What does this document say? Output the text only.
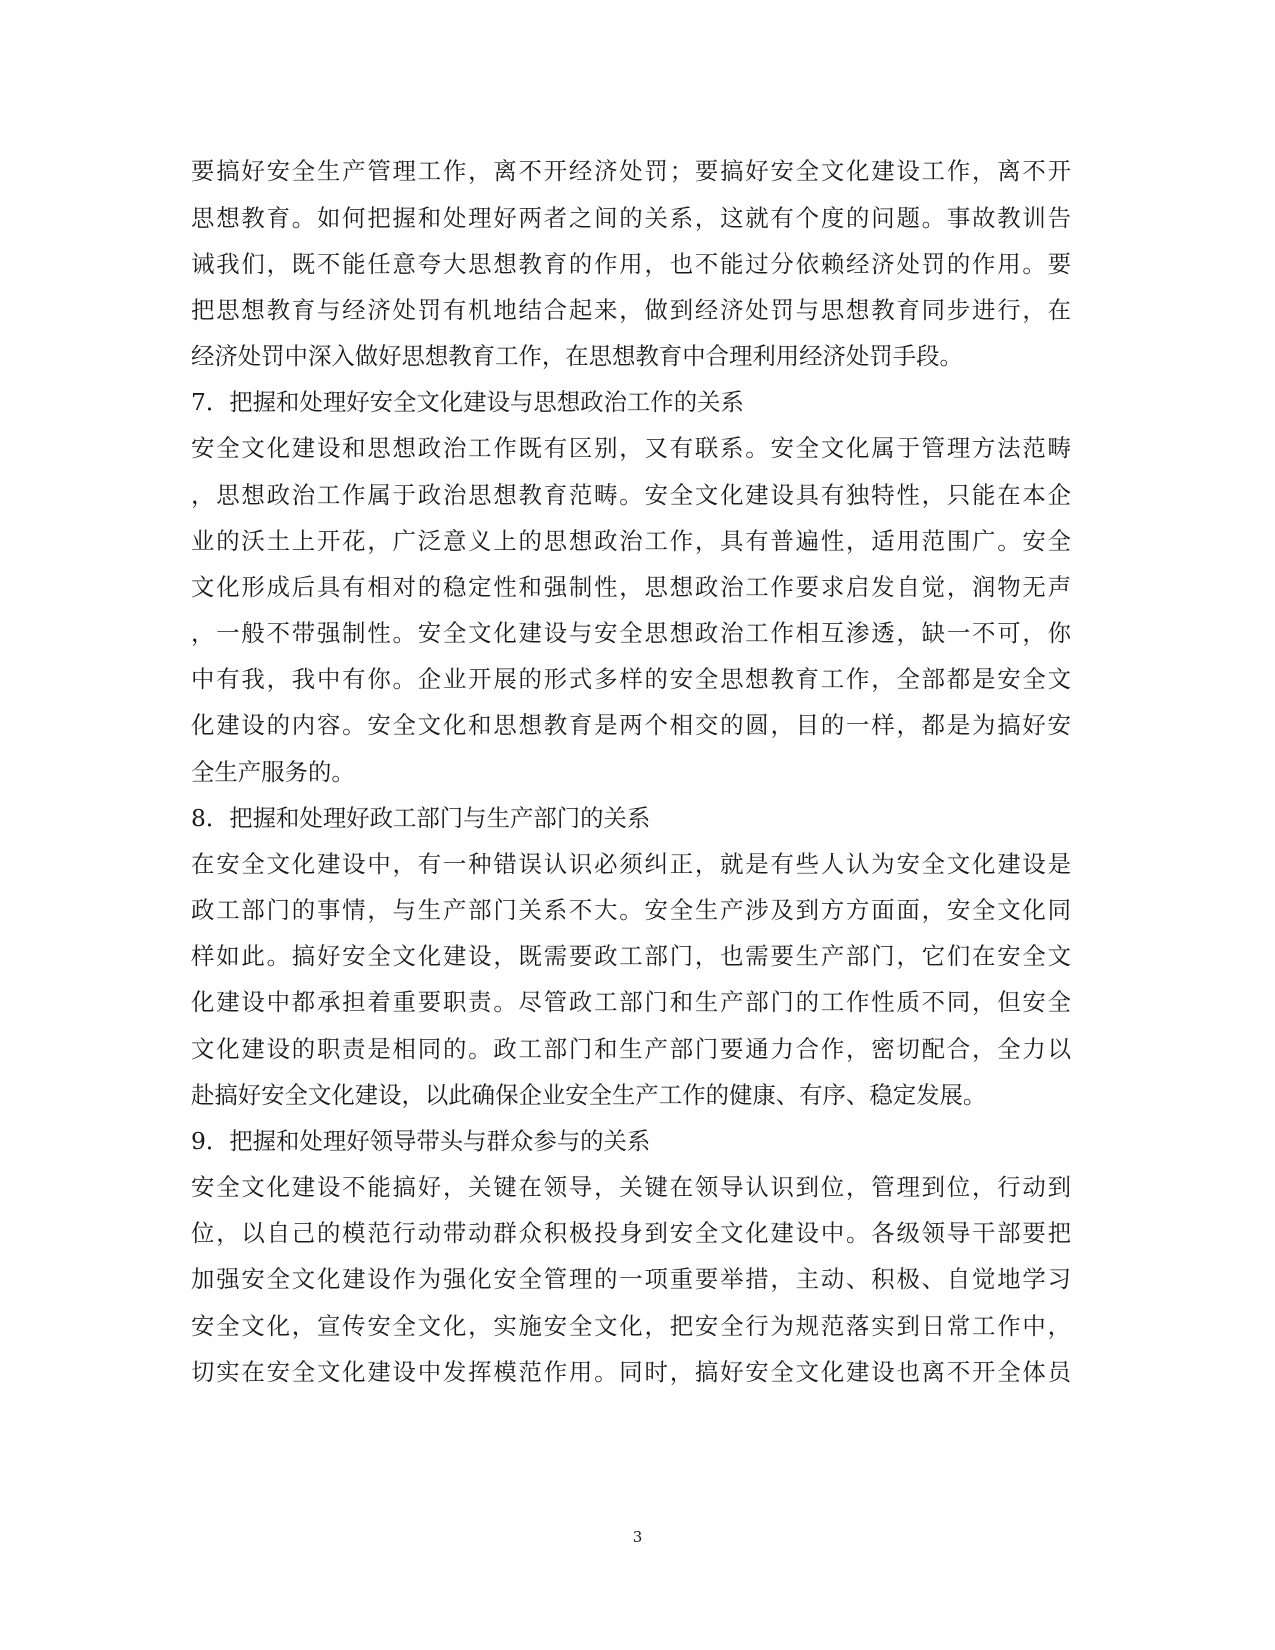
要搞好安全生产管理工作，离不开经济处罚；要搞好安全文化建设工作，离不开
思想教育。如何把握和处理好两者之间的关系，这就有个度的问题。事故教训告
诫我们，既不能任意夸大思想教育的作用，也不能过分依赖经济处罚的作用。要
把思想教育与经济处罚有机地结合起来，做到经济处罚与思想教育同步进行，在
经济处罚中深入做好思想教育工作，在思想教育中合理利用经济处罚手段。
7．把握和处理好安全文化建设与思想政治工作的关系
安全文化建设和思想政治工作既有区别，又有联系。安全文化属于管理方法范畴
，思想政治工作属于政治思想教育范畴。安全文化建设具有独特性，只能在本企
业的沃土上开花，广泛意义上的思想政治工作，具有普遍性，适用范围广。安全
文化形成后具有相对的稳定性和强制性，思想政治工作要求启发自觉，润物无声
，一般不带强制性。安全文化建设与安全思想政治工作相互渗透，缺一不可，你
中有我，我中有你。企业开展的形式多样的安全思想教育工作，全部都是安全文
化建设的内容。安全文化和思想教育是两个相交的圆，目的一样，都是为搞好安
全生产服务的。
8．把握和处理好政工部门与生产部门的关系
在安全文化建设中，有一种错误认识必须纠正，就是有些人认为安全文化建设是
政工部门的事情，与生产部门关系不大。安全生产涉及到方方面面，安全文化同
样如此。搞好安全文化建设，既需要政工部门，也需要生产部门，它们在安全文
化建设中都承担着重要职责。尽管政工部门和生产部门的工作性质不同，但安全
文化建设的职责是相同的。政工部门和生产部门要通力合作，密切配合，全力以
赴搞好安全文化建设，以此确保企业安全生产工作的健康、有序、稳定发展。
9．把握和处理好领导带头与群众参与的关系
安全文化建设不能搞好，关键在领导，关键在领导认识到位，管理到位，行动到
位，以自己的模范行动带动群众积极投身到安全文化建设中。各级领导干部要把
加强安全文化建设作为强化安全管理的一项重要举措，主动、积极、自觉地学习
安全文化，宣传安全文化，实施安全文化，把安全行为规范落实到日常工作中，
切实在安全文化建设中发挥模范作用。同时，搞好安全文化建设也离不开全体员
3
